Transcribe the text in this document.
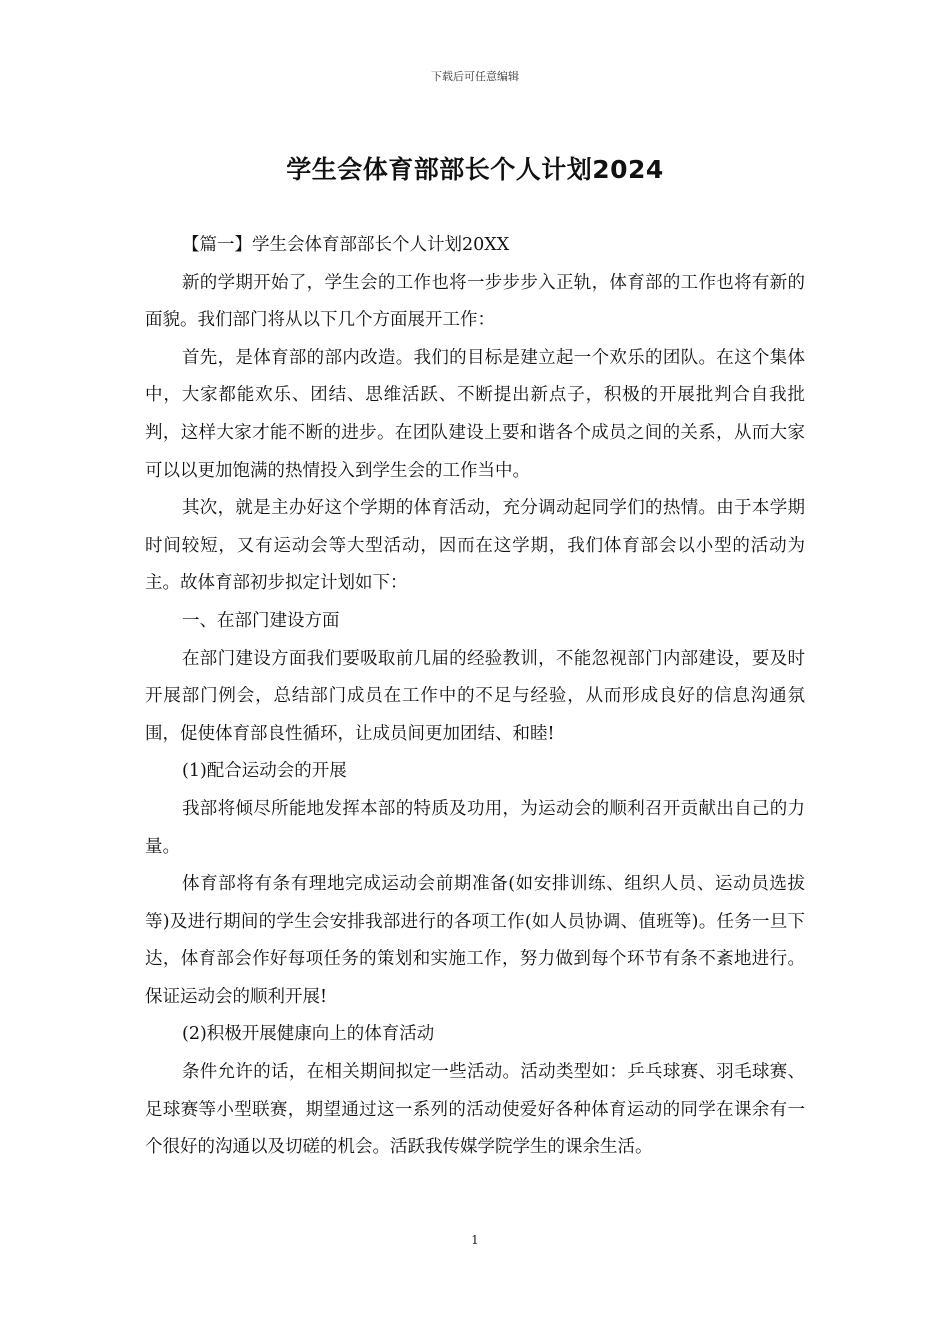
下载后可任意编辑
学生会体育部部长个人计划2024

【篇一】学生会体育部部长个人计划20XX

新的学期开始了，学生会的工作也将一步步步入正轨，体育部的工作也将有新的面貌。我们部门将从以下几个方面展开工作：

首先，是体育部的部内改造。我们的目标是建立起一个欢乐的团队。在这个集体中，大家都能欢乐、团结、思维活跃、不断提出新点子，积极的开展批判合自我批判，这样大家才能不断的进步。在团队建设上要和谐各个成员之间的关系，从而大家可以以更加饱满的热情投入到学生会的工作当中。

其次，就是主办好这个学期的体育活动，充分调动起同学们的热情。由于本学期时间较短，又有运动会等大型活动，因而在这学期，我们体育部会以小型的活动为主。故体育部初步拟定计划如下：

一、在部门建设方面

在部门建设方面我们要吸取前几届的经验教训，不能忽视部门内部建设，要及时开展部门例会，总结部门成员在工作中的不足与经验，从而形成良好的信息沟通氛围，促使体育部良性循环，让成员间更加团结、和睦!

(1)配合运动会的开展

我部将倾尽所能地发挥本部的特质及功用，为运动会的顺利召开贡献出自己的力量。

体育部将有条有理地完成运动会前期准备(如安排训练、组织人员、运动员选拔等)及进行期间的学生会安排我部进行的各项工作(如人员协调、值班等)。任务一旦下达，体育部会作好每项任务的策划和实施工作，努力做到每个环节有条不紊地进行。保证运动会的顺利开展!

(2)积极开展健康向上的体育活动

条件允许的话，在相关期间拟定一些活动。活动类型如：乒乓球赛、羽毛球赛、足球赛等小型联赛，期望通过这一系列的活动使爱好各种体育运动的同学在课余有一个很好的沟通以及切磋的机会。活跃我传媒学院学生的课余生活。

1
